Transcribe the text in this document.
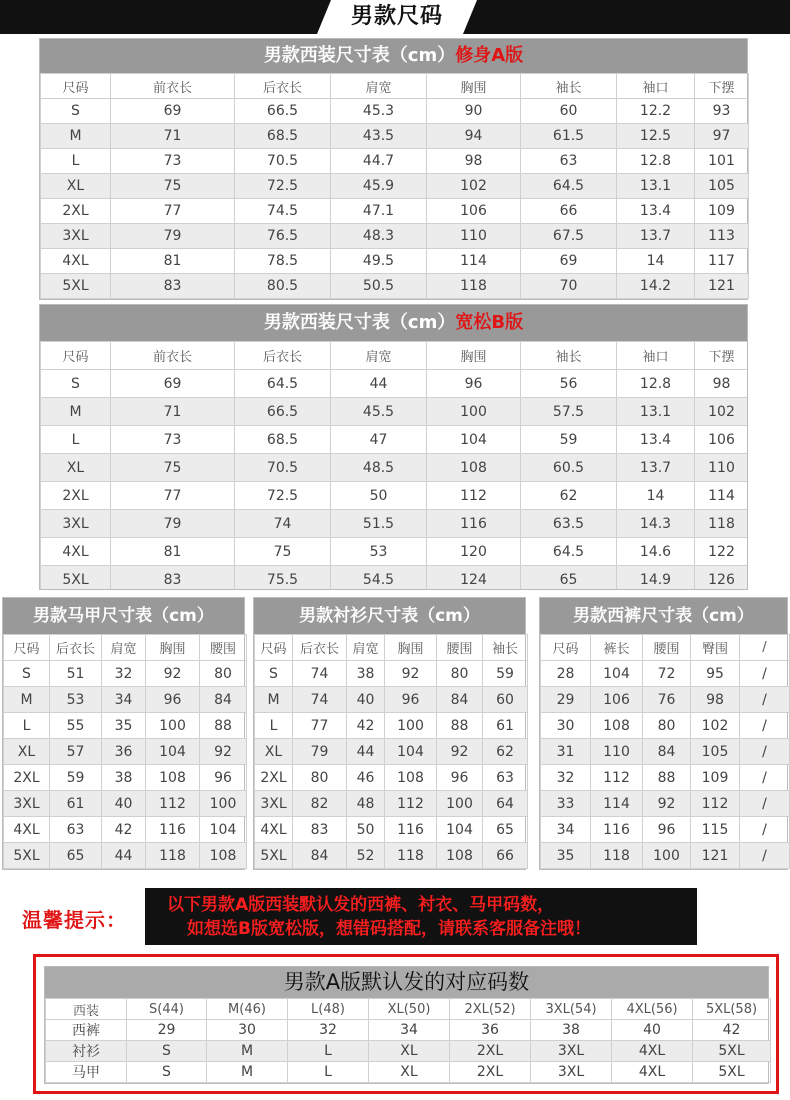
男款尺码
男款西装尺寸表（cm）修身A版
尺码	前衣长	后衣长	肩宽	胸围	袖长	袖口	下摆
S	69	66.5	45.3	90	60	12.2	93
M	71	68.5	43.5	94	61.5	12.5	97
L	73	70.5	44.7	98	63	12.8	101
XL	75	72.5	45.9	102	64.5	13.1	105
2XL	77	74.5	47.1	106	66	13.4	109
3XL	79	76.5	48.3	110	67.5	13.7	113
4XL	81	78.5	49.5	114	69	14	117
5XL	83	80.5	50.5	118	70	14.2	121
男款西装尺寸表（cm）宽松B版
尺码	前衣长	后衣长	肩宽	胸围	袖长	袖口	下摆
S	69	64.5	44	96	56	12.8	98
M	71	66.5	45.5	100	57.5	13.1	102
L	73	68.5	47	104	59	13.4	106
XL	75	70.5	48.5	108	60.5	13.7	110
2XL	77	72.5	50	112	62	14	114
3XL	79	74	51.5	116	63.5	14.3	118
4XL	81	75	53	120	64.5	14.6	122
5XL	83	75.5	54.5	124	65	14.9	126
男款马甲尺寸表（cm）
尺码	后衣长	肩宽	胸围	腰围
S	51	32	92	80
M	53	34	96	84
L	55	35	100	88
XL	57	36	104	92
2XL	59	38	108	96
3XL	61	40	112	100
4XL	63	42	116	104
5XL	65	44	118	108
男款衬衫尺寸表（cm）
尺码	后衣长	肩宽	胸围	腰围	袖长
S	74	38	92	80	59
M	74	40	96	84	60
L	77	42	100	88	61
XL	79	44	104	92	62
2XL	80	46	108	96	63
3XL	82	48	112	100	64
4XL	83	50	116	104	65
5XL	84	52	118	108	66
男款西裤尺寸表（cm）
尺码	裤长	腰围	臀围	/
28	104	72	95	/
29	106	76	98	/
30	108	80	102	/
31	110	84	105	/
32	112	88	109	/
33	114	92	112	/
34	116	96	115	/
35	118	100	121	/
温馨提示：
以下男款A版西装默认发的西裤、衬衣、马甲码数，
如想选B版宽松版，想错码搭配，请联系客服备注哦！
男款A版默认发的对应码数
西装	S(44)	M(46)	L(48)	XL(50)	2XL(52)	3XL(54)	4XL(56)	5XL(58)
西裤	29	30	32	34	36	38	40	42
衬衫	S	M	L	XL	2XL	3XL	4XL	5XL
马甲	S	M	L	XL	2XL	3XL	4XL	5XL
